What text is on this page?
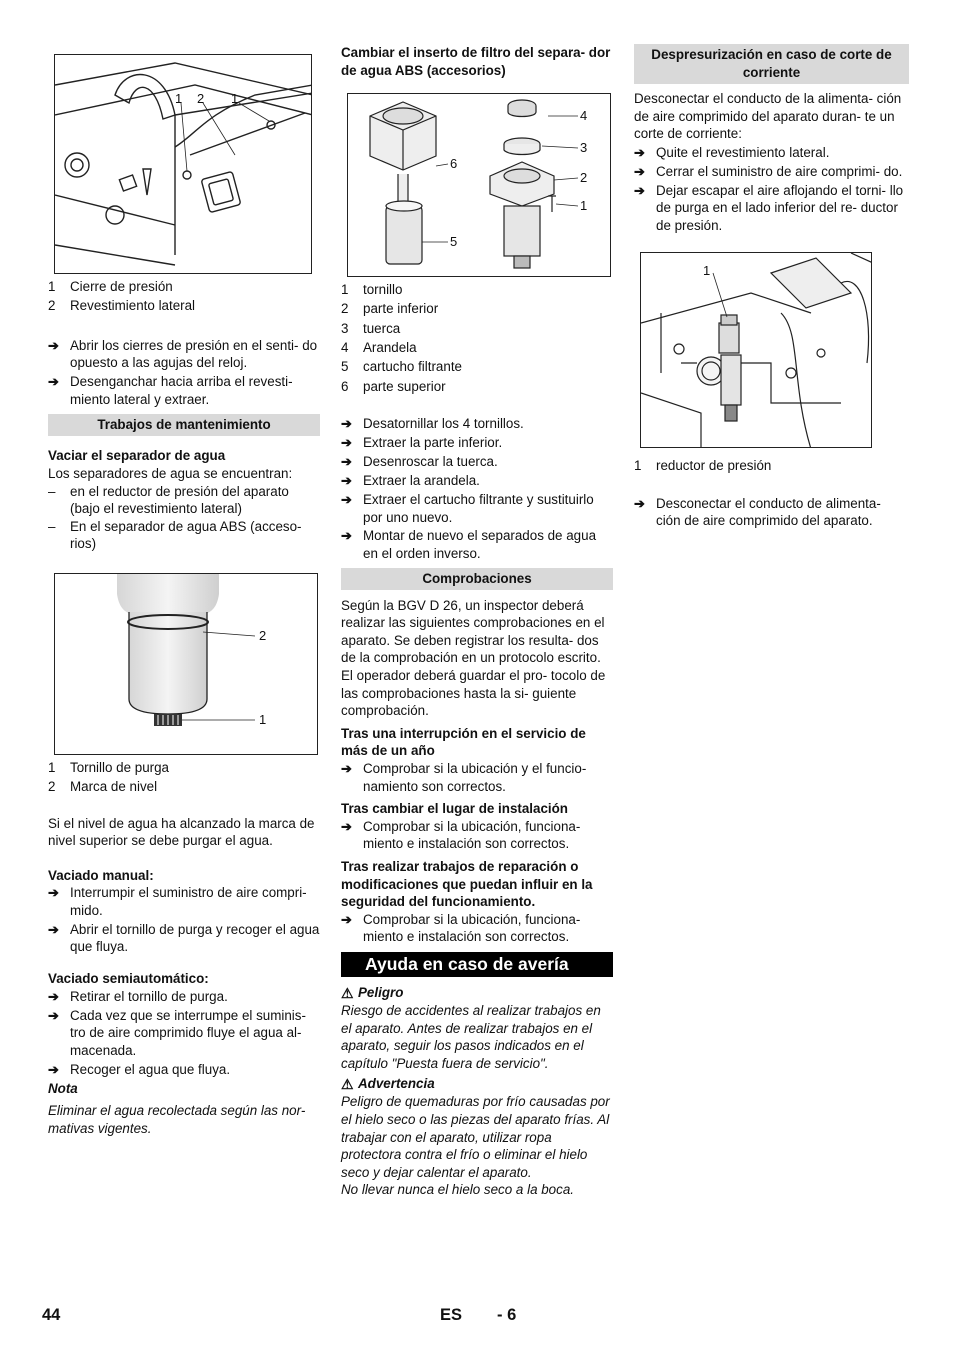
1 2 1
1	Cierre de presión
2	Revestimiento lateral
➔ Abrir los cierres de presión en el senti- do opuesto a las agujas del reloj.
➔ Desenganchar hacia arriba el revesti- miento lateral y extraer.
Trabajos de mantenimiento
Vaciar el separador de agua

Los separadores de agua se encuentran:

–	en el reductor de presión del aparato (bajo el revestimiento lateral)
–	En el separador de agua ABS (acceso- rios)
2
1
1	Tornillo de purga
2	Marca de nivel

Si el nivel de agua ha alcanzado la marca de nivel superior se debe purgar el agua.

Vaciado manual:
➔ Interrumpir el suministro de aire compri- mido.
➔ Abrir el tornillo de purga y recoger el agua que fluya.
Vaciado semiautomático:
➔ Retirar el tornillo de purga.
➔ Cada vez que se interrumpe el suminis- tro de aire comprimido fluye el agua al- macenada.
➔ Recoger el agua que fluya.
Nota

Eliminar el agua recolectada según las nor- mativas vigentes.

Cambiar el inserto de filtro del separa- dor de agua ABS (accesorios)
4
6
3
2
1
5
1	tornillo
2	parte inferior
3	tuerca
4	Arandela
5	cartucho filtrante
6	parte superior
➔ Desatornillar los 4 tornillos.
➔ Extraer la parte inferior.
➔ Desenroscar la tuerca.
➔ Extraer la arandela.
➔ Extraer el cartucho filtrante y sustituirlo por uno nuevo.
➔ Montar de nuevo el separados de agua en el orden inverso.
Comprobaciones

Según la BGV D 26, un inspector deberá realizar las siguientes comprobaciones en el aparato. Se deben registrar los resulta- dos de la comprobación en un protocolo escrito. El operador deberá guardar el pro- tocolo de las comprobaciones hasta la si- guiente comprobación.

Tras una interrupción en el servicio de más de un año
➔ Comprobar si la ubicación y el funcio- namiento son correctos.
Tras cambiar el lugar de instalación
➔ Comprobar si la ubicación, funciona- miento e instalación son correctos.
Tras realizar trabajos de reparación o modificaciones que puedan influir en la seguridad del funcionamiento.
➔ Comprobar si la ubicación, funciona- miento e instalación son correctos.
Ayuda en caso de avería
⚠ Peligro

Riesgo de accidentes al realizar trabajos en el aparato. Antes de realizar trabajos en el aparato, seguir los pasos indicados en el capítulo "Puesta fuera de servicio".

⚠ Advertencia

Peligro de quemaduras por frío causadas por el hielo seco o las piezas del aparato frías. Al trabajar con el aparato, utilizar ropa protectora contra el frío o eliminar el hielo seco y dejar calentar el aparato.

No llevar nunca el hielo seco a la boca.

Despresurización en caso de corte de corriente

Desconectar el conducto de la alimenta- ción de aire comprimido del aparato duran- te un corte de corriente:

➔ Quite el revestimiento lateral.
➔ Cerrar el suministro de aire comprimi- do.
➔ Dejar escapar el aire aflojando el torni- llo de purga en el lado inferior del re- ductor de presión.
1
1	reductor de presión
➔ Desconectar el conducto de alimenta- ción de aire comprimido del aparato.
44	ES - 6
